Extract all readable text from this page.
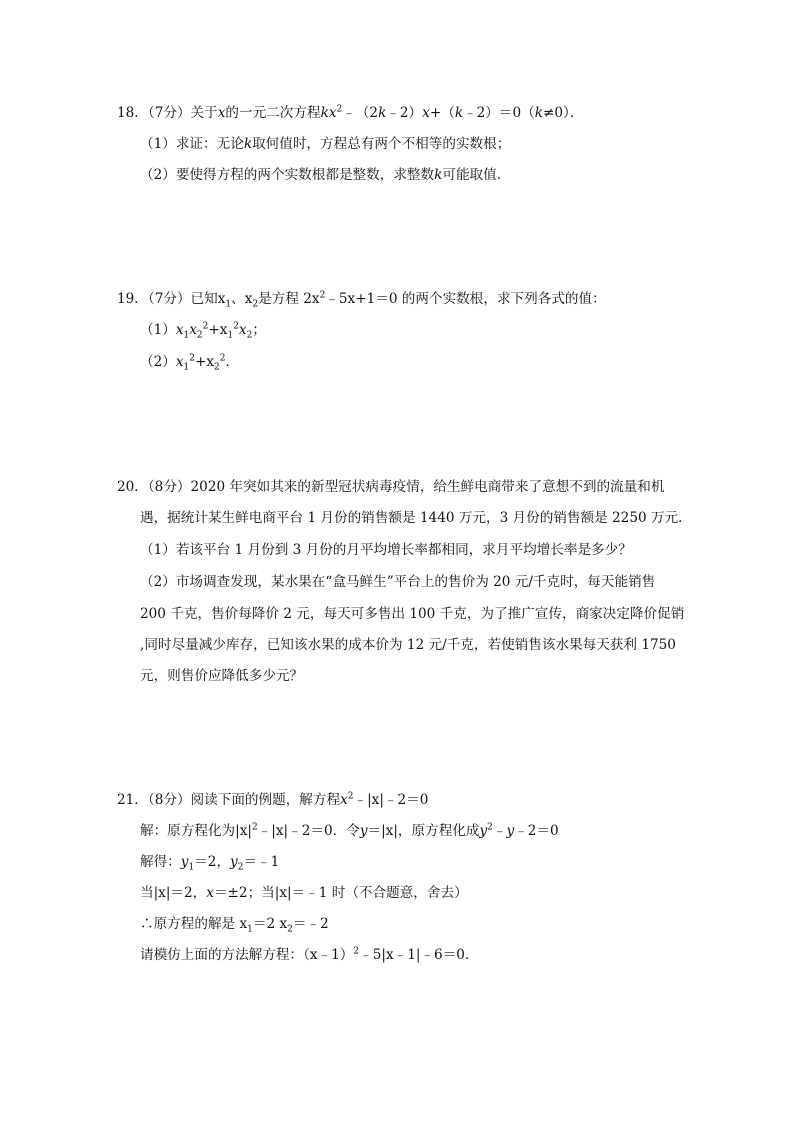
18．（7分）关于x的一元二次方程$kx^2﹣(2k﹣2)x+(k﹣2)=0(k\ne 0)$．
（1）求证：无论k取何值时，方程总有两个不相等的实数根；
（2）要使得方程的两个实数根都是整数，求整数k可能取值．
19．（7分）已知$x_1$、$x_2$是方程 $2x^2﹣5x+1=0$ 的两个实数根，求下列各式的值：
$(1)x_1x_2^2+x_1^2x_2$；
$(2)x_1^2+x_2^2$．
20．（8分）2020 年突如其来的新型冠状病毒疫情，给生鲜电商带来了意想不到的流量和机
遇，据统计某生鲜电商平台 1 月份的销售额是 1440 万元，3 月份的销售额是 2250 万元．
（1）若该平台 1 月份到 3 月份的月平均增长率都相同，求月平均增长率是多少？
（2）市场调查发现，某水果在“盒马鲜生”平台上的售价为 20 元/千克时，每天能销售
200 千克，售价每降价 2 元，每天可多售出 100 千克，为了推广宣传，商家决定降价促销
,同时尽量减少库存，已知该水果的成本价为 12 元/千克，若使销售该水果每天获利 1750
元，则售价应降低多少元？
21．（8分）阅读下面的例题，解方程$x^2﹣|x|﹣2=0$
解：原方程化为$|x|^2﹣|x|﹣2=0$．令y＝|x|，原方程化成$y^2﹣y﹣2=0$
解得：$y_1=2$，$y_2=﹣1$
当|x|＝2，x＝±2；当|x|＝﹣1 时（不合题意，舍去）
∴原方程的解是 $x_1=2$ $x_2=﹣2$
请模仿上面的方法解方程：（x﹣1）$^2$﹣5|x﹣1|﹣6＝0．
